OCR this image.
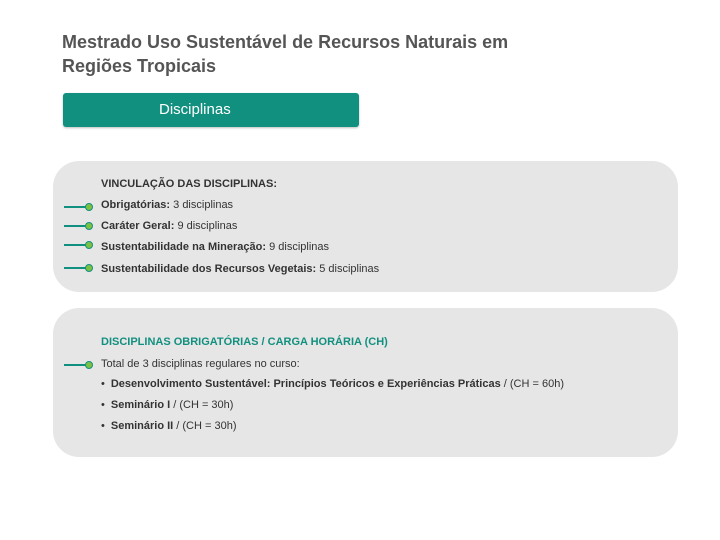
Mestrado Uso Sustentável de Recursos Naturais em Regiões Tropicais
Disciplinas
VINCULAÇÃO DAS DISCIPLINAS:
Obrigatórias: 3 disciplinas
Caráter Geral: 9 disciplinas
Sustentabilidade na Mineração: 9 disciplinas
Sustentabilidade dos Recursos Vegetais: 5 disciplinas
DISCIPLINAS OBRIGATÓRIAS / CARGA HORÁRIA (CH)
Total de 3 disciplinas regulares no curso:
• Desenvolvimento Sustentável: Princípios Teóricos e Experiências Práticas / (CH = 60h)
• Seminário I / (CH = 30h)
• Seminário II / (CH = 30h)
